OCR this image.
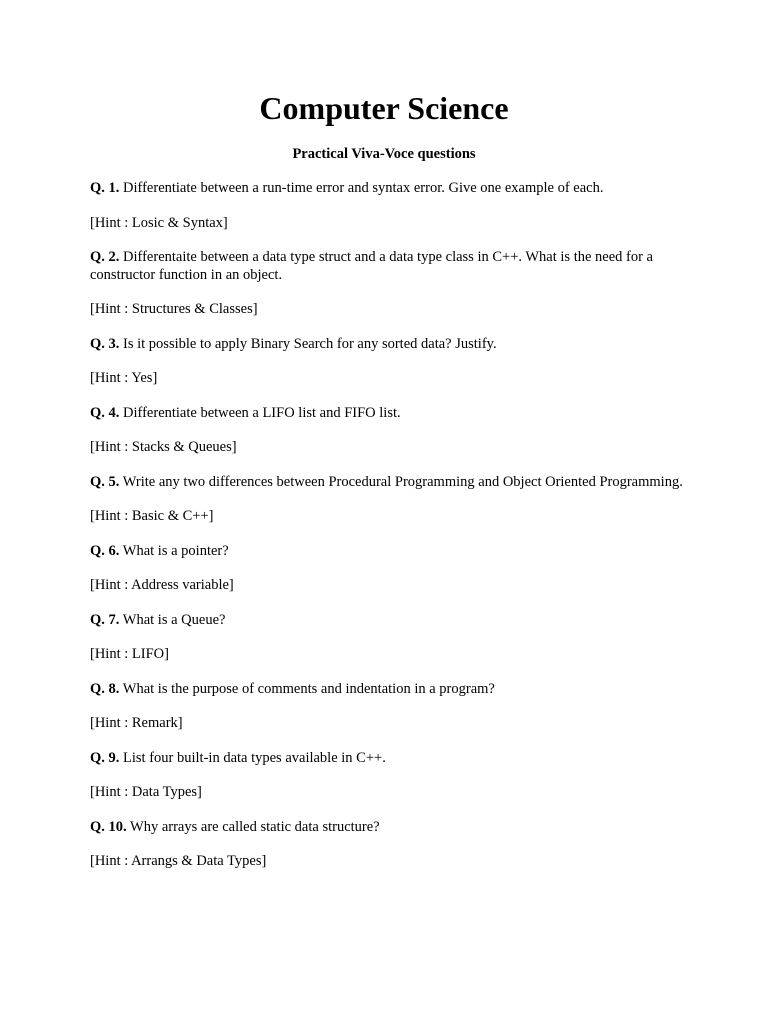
Computer Science
Practical Viva-Voce questions

Q. 1. Differentiate between a run-time error and syntax error. Give one example of each.

[Hint : Losic & Syntax]

Q. 2. Differentaite between a data type struct and a data type class in C++. What is the need for a constructor function in an object.

[Hint : Structures & Classes]

Q. 3. Is it possible to apply Binary Search for any sorted data? Justify.

[Hint : Yes]

Q. 4. Differentiate between a LIFO list and FIFO list.

[Hint : Stacks & Queues]

Q. 5. Write any two differences between Procedural Programming and Object Oriented Programming.

[Hint : Basic & C++]

Q. 6. What is a pointer?

[Hint : Address variable]

Q. 7. What is a Queue?

[Hint : LIFO]

Q. 8. What is the purpose of comments and indentation in a program?

[Hint : Remark]

Q. 9. List four built-in data types available in C++.

[Hint : Data Types]

Q. 10. Why arrays are called static data structure?

[Hint : Arrangs & Data Types]
